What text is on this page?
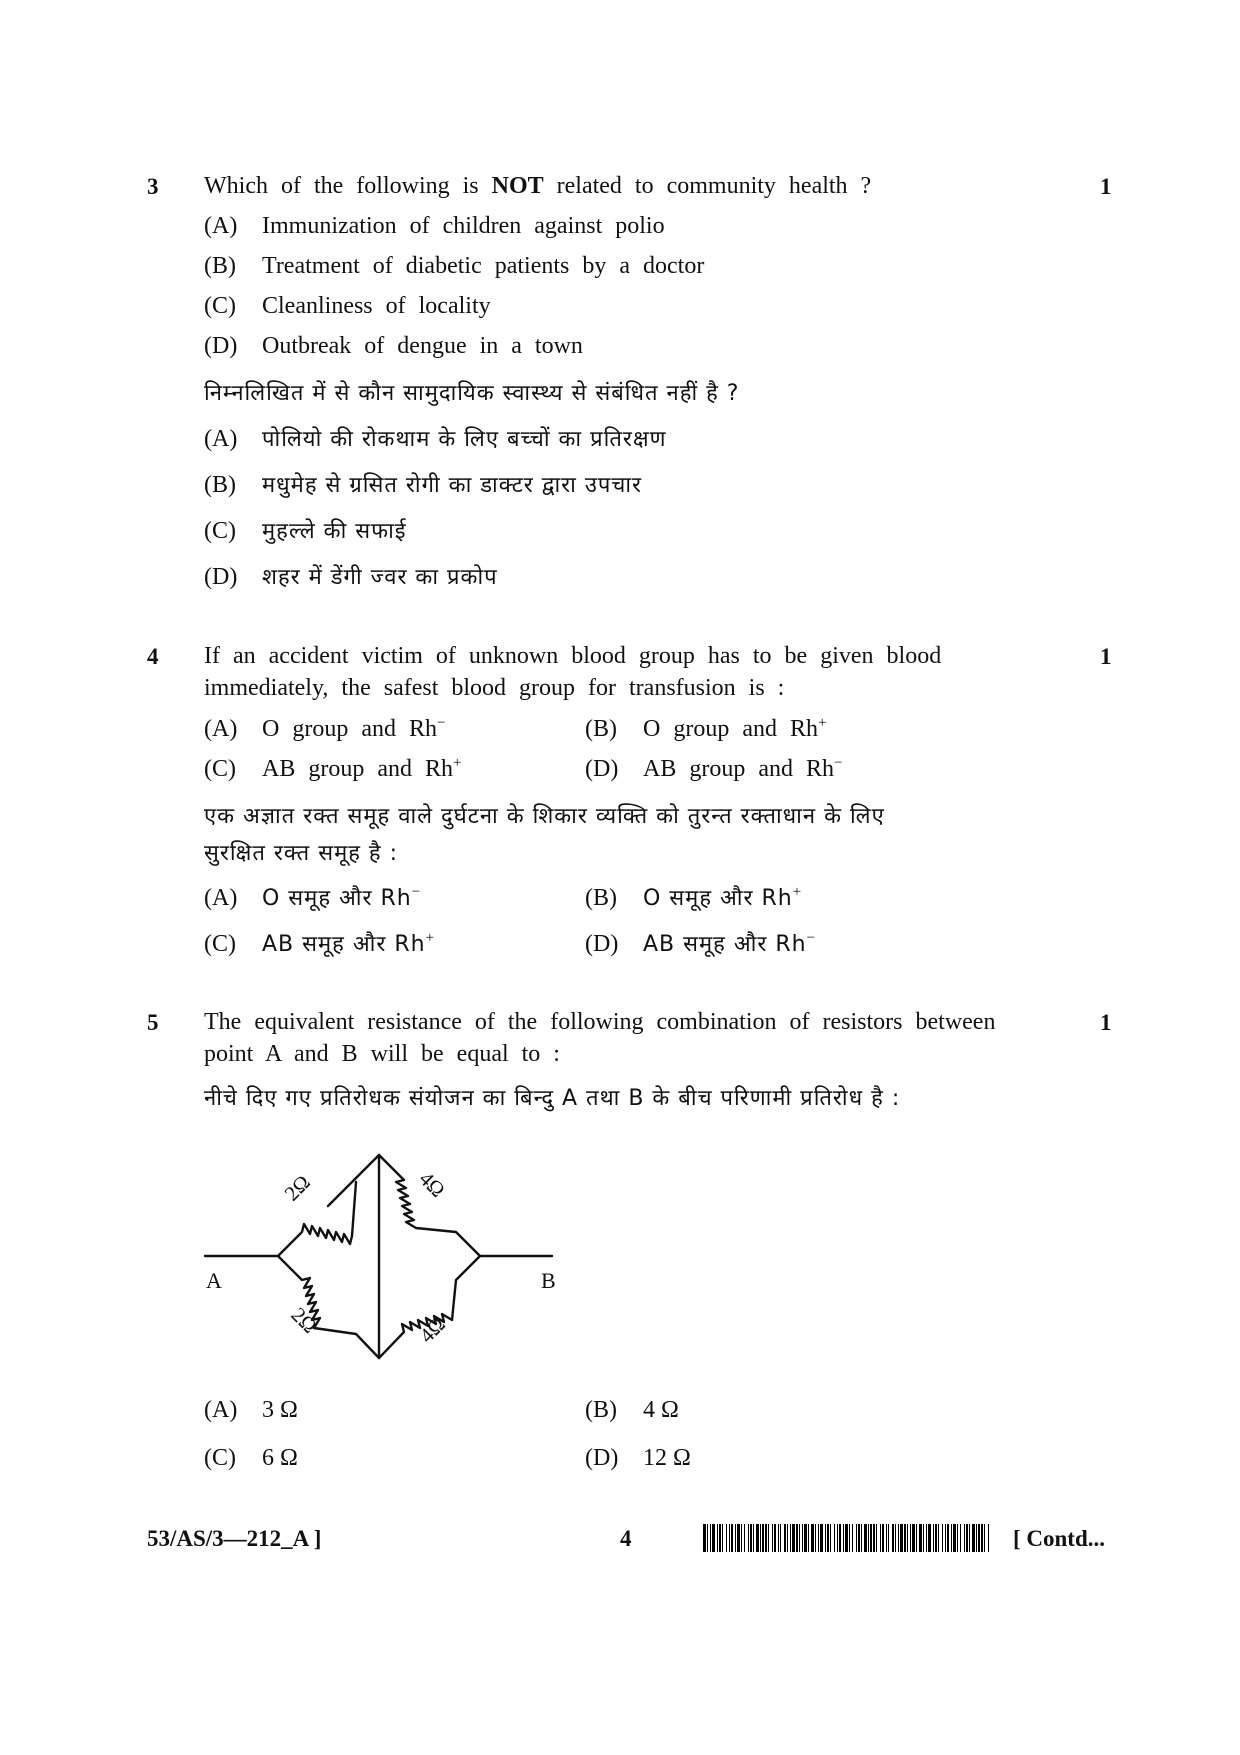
3	1
Which of the following is NOT related to community health ?
(A) Immunization of children against polio
(B) Treatment of diabetic patients by a doctor
(C) Cleanliness of locality
(D) Outbreak of dengue in a town
निम्नलिखित में से कौन सामुदायिक स्वास्थ्य से संबंधित नहीं है ?
(A) पोलियो की रोकथाम के लिए बच्चों का प्रतिरक्षण
(B) मधुमेह से ग्रसित रोगी का डाक्टर द्वारा उपचार
(C) मुहल्ले की सफाई
(D) शहर में डेंगी ज्वर का प्रकोप
4	1
If an accident victim of unknown blood group has to be given blood
immediately, the safest blood group for transfusion is :
(A) O group and Rh−	(B) O group and Rh+
(C) AB group and Rh+	(D) AB group and Rh−
एक अज्ञात रक्त समूह वाले दुर्घटना के शिकार व्यक्ति को तुरन्त रक्ताधान के लिए
सुरक्षित रक्त समूह है :
(A) O समूह और Rh−	(B) O समूह और Rh+
(C) AB समूह और Rh+	(D) AB समूह और Rh−
5	1
The equivalent resistance of the following combination of resistors between
point A and B will be equal to :
नीचे दिए गए प्रतिरोधक संयोजन का बिन्दु A तथा B के बीच परिणामी प्रतिरोध है :
A	B
2Ω	4Ω
2Ω	4Ω
(A) 3 Ω	(B) 4 Ω
(C) 6 Ω	(D) 12 Ω
53/AS/3—212_A ]	4	[ Contd...
